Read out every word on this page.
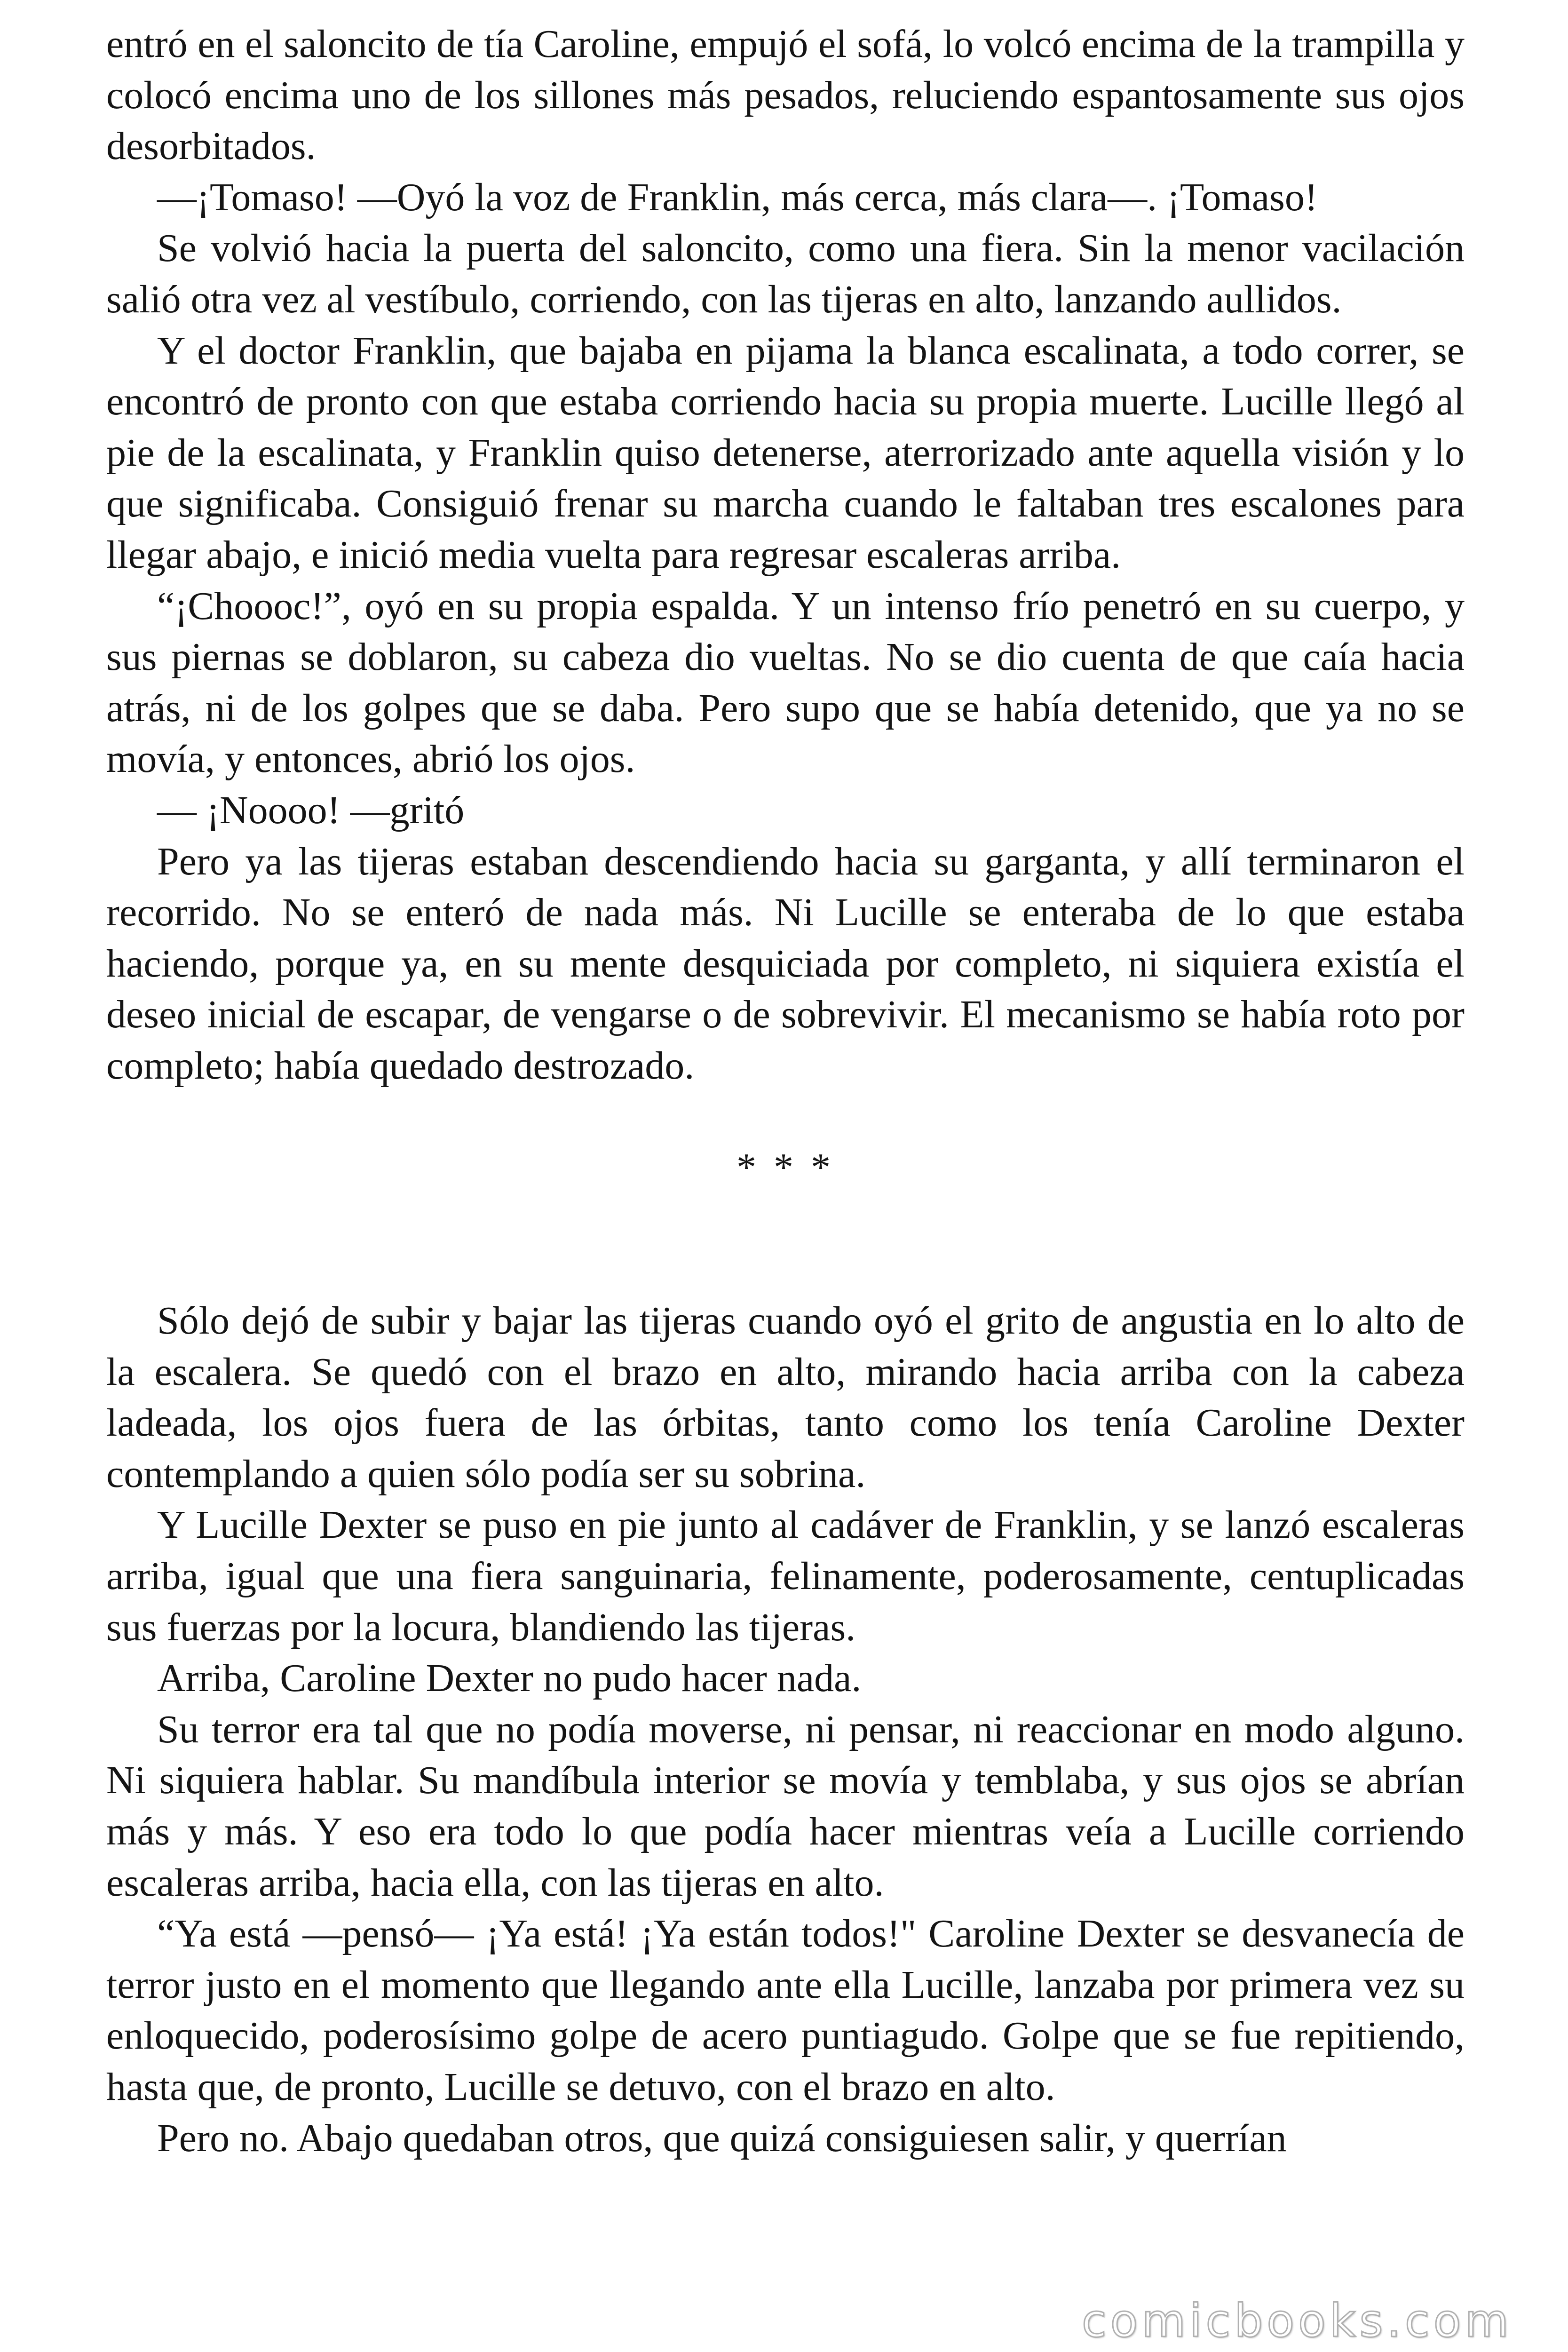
entró en el saloncito de tía Caroline, empujó el sofá, lo volcó encima de la trampilla y colocó encima uno de los sillones más pesados, reluciendo espantosamente sus ojos desorbitados.

—¡Tomaso! —Oyó la voz de Franklin, más cerca, más clara—. ¡Tomaso!

Se volvió hacia la puerta del saloncito, como una fiera. Sin la menor vacilación salió otra vez al vestíbulo, corriendo, con las tijeras en alto, lanzando aullidos.

Y el doctor Franklin, que bajaba en pijama la blanca escalinata, a todo correr, se encontró de pronto con que estaba corriendo hacia su propia muerte. Lucille llegó al pie de la escalinata, y Franklin quiso detenerse, aterrorizado ante aquella visión y lo que significaba. Consiguió frenar su marcha cuando le faltaban tres escalones para llegar abajo, e inició media vuelta para regresar escaleras arriba.

“¡Choooc!”, oyó en su propia espalda. Y un intenso frío penetró en su cuerpo, y sus piernas se doblaron, su cabeza dio vueltas. No se dio cuenta de que caía hacia atrás, ni de los golpes que se daba. Pero supo que se había detenido, que ya no se movía, y entonces, abrió los ojos.

— ¡Noooo! —gritó

Pero ya las tijeras estaban descendiendo hacia su garganta, y allí terminaron el recorrido. No se enteró de nada más. Ni Lucille se enteraba de lo que estaba haciendo, porque ya, en su mente desquiciada por completo, ni siquiera existía el deseo inicial de escapar, de vengarse o de sobrevivir. El mecanismo se había roto por completo; había quedado destrozado.

* * *

Sólo dejó de subir y bajar las tijeras cuando oyó el grito de angustia en lo alto de la escalera. Se quedó con el brazo en alto, mirando hacia arriba con la cabeza ladeada, los ojos fuera de las órbitas, tanto como los tenía Caroline Dexter contemplando a quien sólo podía ser su sobrina.

Y Lucille Dexter se puso en pie junto al cadáver de Franklin, y se lanzó escaleras arriba, igual que una fiera sanguinaria, felinamente, poderosamente, centuplicadas sus fuerzas por la locura, blandiendo las tijeras.

Arriba, Caroline Dexter no pudo hacer nada.

Su terror era tal que no podía moverse, ni pensar, ni reaccionar en modo alguno. Ni siquiera hablar. Su mandíbula interior se movía y temblaba, y sus ojos se abrían más y más. Y eso era todo lo que podía hacer mientras veía a Lucille corriendo escaleras arriba, hacia ella, con las tijeras en alto.

“Ya está —pensó— ¡Ya está! ¡Ya están todos!" Caroline Dexter se desvanecía de terror justo en el momento que llegando ante ella Lucille, lanzaba por primera vez su enloquecido, poderosísimo golpe de acero puntiagudo. Golpe que se fue repitiendo, hasta que, de pronto, Lucille se detuvo, con el brazo en alto.

Pero no. Abajo quedaban otros, que quizá consiguiesen salir, y querrían

comicbooks.com
